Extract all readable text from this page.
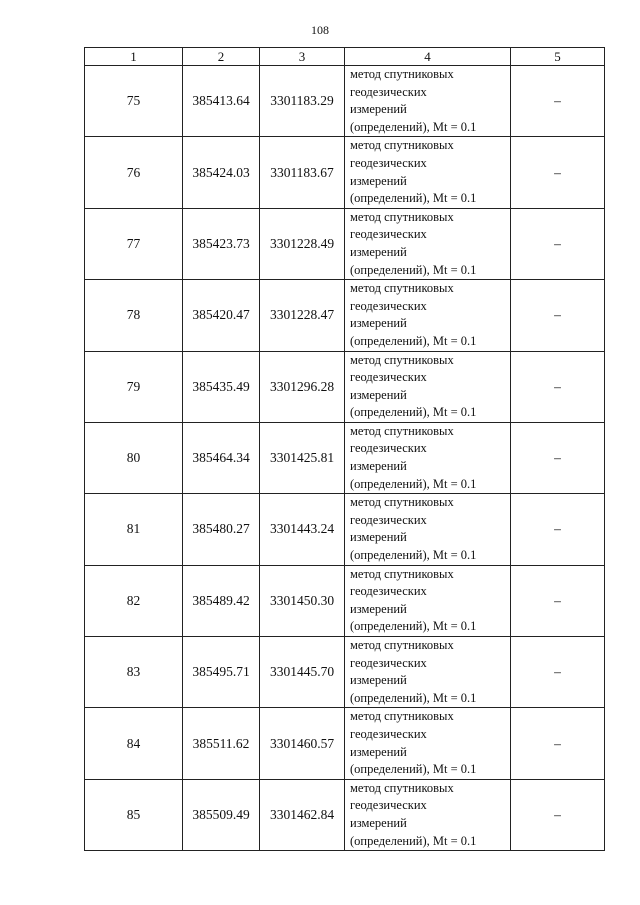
108
1	2	3	4	5
75	385413.64	3301183.29	метод спутниковых
геодезических
измерений
(определений), Mt = 0.1	–
76	385424.03	3301183.67	метод спутниковых
геодезических
измерений
(определений), Mt = 0.1	–
77	385423.73	3301228.49	метод спутниковых
геодезических
измерений
(определений), Mt = 0.1	–
78	385420.47	3301228.47	метод спутниковых
геодезических
измерений
(определений), Mt = 0.1	–
79	385435.49	3301296.28	метод спутниковых
геодезических
измерений
(определений), Mt = 0.1	–
80	385464.34	3301425.81	метод спутниковых
геодезических
измерений
(определений), Mt = 0.1	–
81	385480.27	3301443.24	метод спутниковых
геодезических
измерений
(определений), Mt = 0.1	–
82	385489.42	3301450.30	метод спутниковых
геодезических
измерений
(определений), Mt = 0.1	–
83	385495.71	3301445.70	метод спутниковых
геодезических
измерений
(определений), Mt = 0.1	–
84	385511.62	3301460.57	метод спутниковых
геодезических
измерений
(определений), Mt = 0.1	–
85	385509.49	3301462.84	метод спутниковых
геодезических
измерений
(определений), Mt = 0.1	–
